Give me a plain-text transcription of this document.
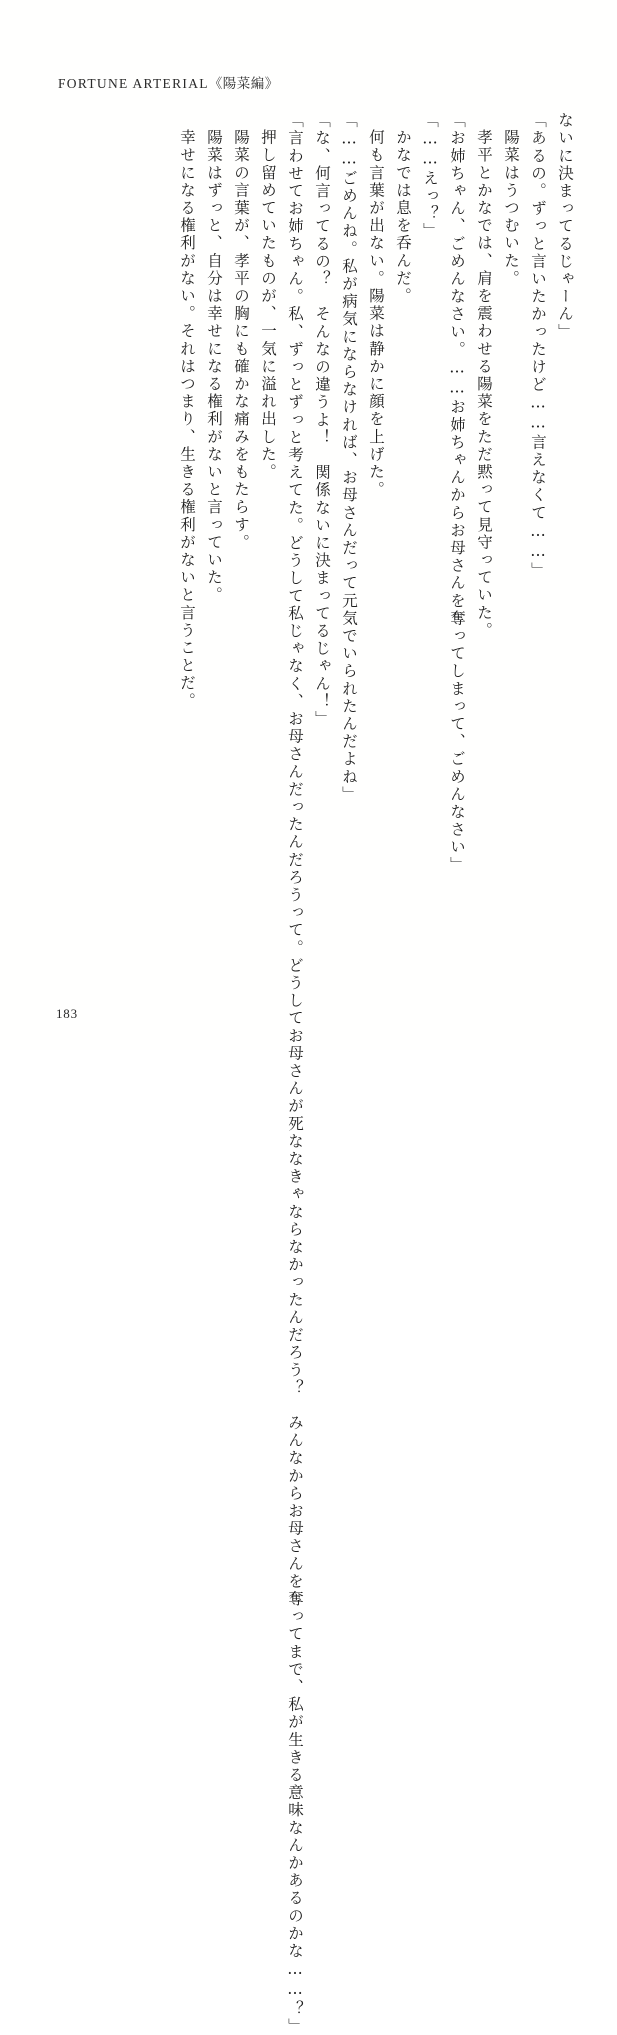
FORTUNE ARTERIAL《陽菜編》
ないに決まってるじゃーん」
「あるの。ずっと言いたかったけど……言えなくて……」
陽菜はうつむいた。
孝平とかなでは、肩を震わせる陽菜をただ黙って見守っていた。
「お姉ちゃん、ごめんなさい。……お姉ちゃんからお母さんを奪ってしまって、ごめんなさい」
「……えっ？」
かなでは息を呑んだ。
何も言葉が出ない。陽菜は静かに顔を上げた。
「……ごめんね。私が病気にならなければ、お母さんだって元気でいられたんだよね」
「な、何言ってるの？　そんなの違うよ！　関係ないに決まってるじゃん！」
「言わせてお姉ちゃん。私、ずっとずっと考えてた。どうして私じゃなく、お母さんだったんだろうって。どうしてお母さんが死ななきゃならなかったんだろう？　みんなからお母さんを奪ってまで、私が生きる意味なんかあるのかな……？」
押し留めていたものが、一気に溢れ出した。
陽菜の言葉が、孝平の胸にも確かな痛みをもたらす。
陽菜はずっと、自分は幸せになる権利がないと言っていた。
幸せになる権利がない。それはつまり、生きる権利がないと言うことだ。
183
